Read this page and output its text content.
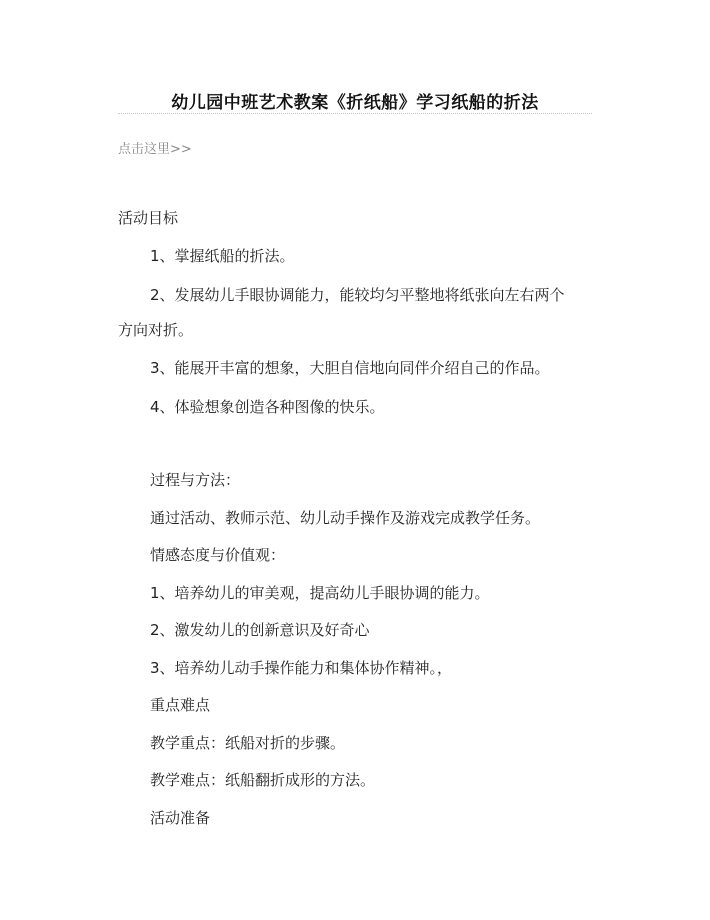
幼儿园中班艺术教案《折纸船》学习纸船的折法
点击这里>>
活动目标
1、掌握纸船的折法。
2、发展幼儿手眼协调能力，能较均匀平整地将纸张向左右两个
方向对折。
3、能展开丰富的想象，大胆自信地向同伴介绍自己的作品。
4、体验想象创造各种图像的快乐。
过程与方法：
通过活动、教师示范、幼儿动手操作及游戏完成教学任务。
情感态度与价值观：
1、培养幼儿的审美观，提高幼儿手眼协调的能力。
2、激发幼儿的创新意识及好奇心
3、培养幼儿动手操作能力和集体协作精神。，
重点难点
教学重点：纸船对折的步骤。
教学难点：纸船翻折成形的方法。
活动准备
